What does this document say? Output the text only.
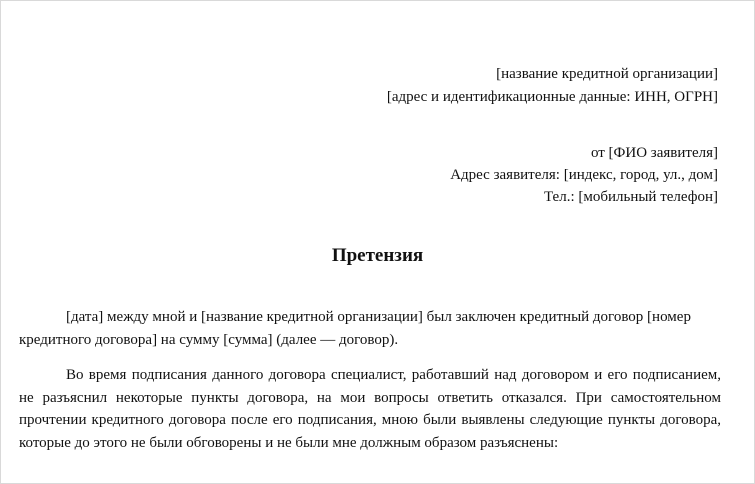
[название кредитной организации]
[адрес и идентификационные данные: ИНН, ОГРН]
от [ФИО заявителя]
Адрес заявителя: [индекс, город, ул., дом]
Тел.: [мобильный телефон]
Претензия
[дата] между мной и [название кредитной организации] был заключен кредитный договор [номер кредитного договора] на сумму [сумма] (далее — договор).
Во время подписания данного договора специалист, работавший над договором и его подписанием, не разъяснил некоторые пункты договора, на мои вопросы ответить отказался. При самостоятельном прочтении кредитного договора после его подписания, мною были выявлены следующие пункты договора, которые до этого не были обговорены и не были мне должным образом разъяснены:
